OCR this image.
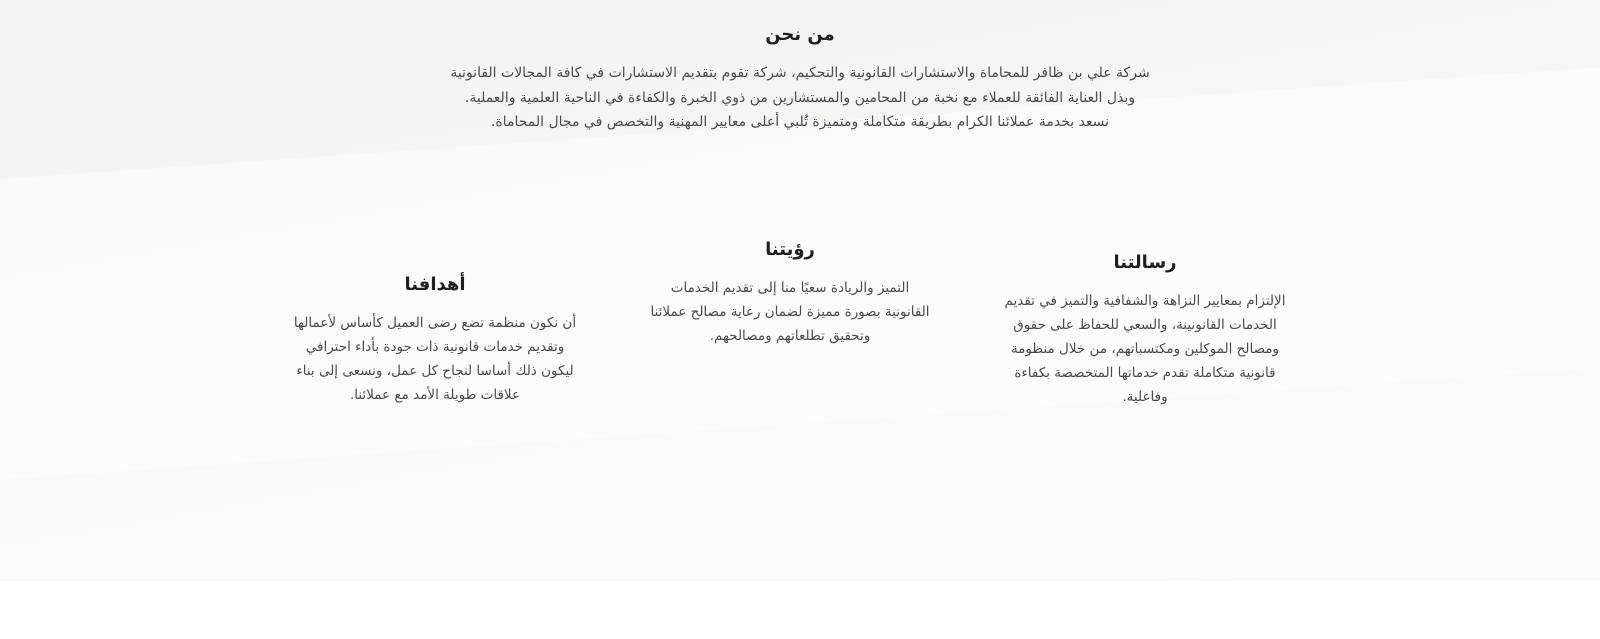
من نحن

شركة علي بن ظافر للمحاماة والاستشارات القانونية والتحكيم، شركة تقوم بتقديم الاستشارات في كافة المجالات القانونية

وبذل العناية الفائقة للعملاء مع نخبة من المحامين والمستشارين من ذوي الخبرة والكفاءة في الناحية العلمية والعملية.

نسعد بخدمة عملائنا الكرام بطريقة متكاملة ومتميزة تُلبي أعلى معايير المهنية والتخصص في مجال المحاماة.

رسالتنا

الإلتزام بمعايير النزاهة والشفافية والتميز في تقديم

الخدمات القانونينة، والسعي للحفاظ على حقوق

ومصالح الموكلين ومكتسباتهم، من خلال منظومة

قانونية متكاملة تقدم خدماتها المتخصصة بكفاءة

وفاعلية.

رؤيتنا

التميز والريادة سعيًا منا إلى تقديم الخدمات

القانونية بصورة مميزة لضمان رعاية مصالح عملائنا

وتحقيق تطلعاتهم ومصالحهم.

أهدافنا

أن نكون منظمة تضع رضى العميل كأساس لأعمالها

وتقديم خدمات قانونية ذات جودة بأداء احترافي

ليكون ذلك أساسا لنجاح كل عمل، ونسعى إلى بناء

علاقات طويلة الأمد مع عملائنا.
